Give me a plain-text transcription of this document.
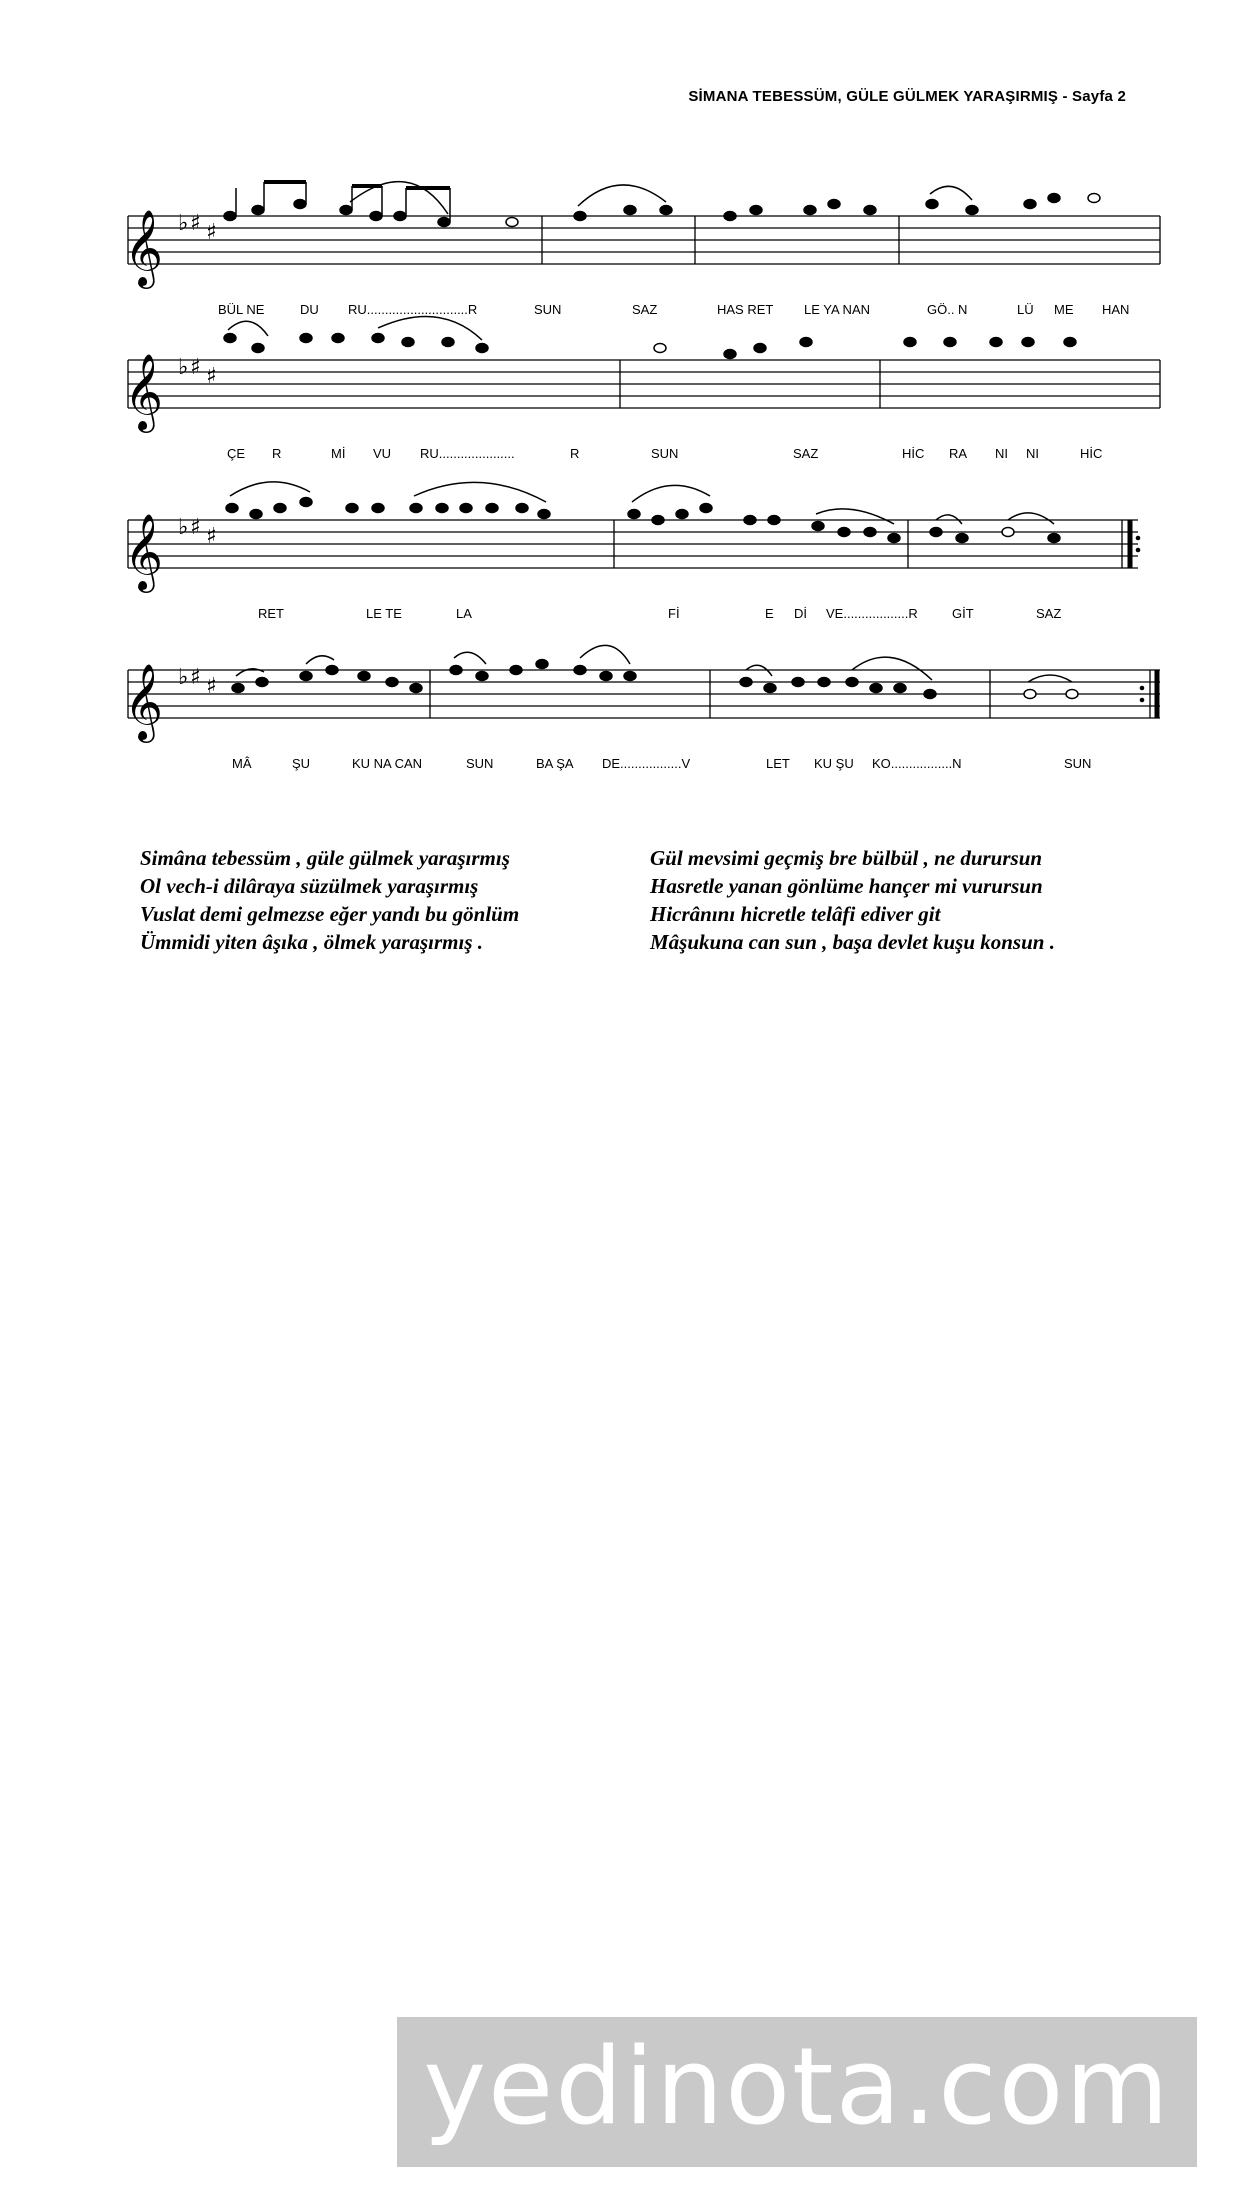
SİMANA TEBESSÜM, GÜLE GÜLMEK YARAŞIRMIŞ - Sayfa 2
𝄞 ♭ ♯ ♯
BÜL NE	DU RU............................R	SUN	SAZ	HAS RET LE YA NAN	GÖ.. N	LÜ ME HAN
𝄞 ♭ ♯ ♯
ÇE R	Mİ VU RU.....................	R	SUN	SAZ	HİC RA NI NI	HİC
𝄞 ♭ ♯ ♯
RET	LE TE	LA	Fİ	E Dİ VE..................R	GİT	SAZ
𝄞 ♭ ♯ ♯
MÂ	ŞU	KU NA CAN	SUN	BA ŞA DE.................V	LET KU ŞU KO.................N	SUN
Simâna tebessüm , güle gülmek yaraşırmış
Ol vech-i dilâraya süzülmek yaraşırmış
Vuslat demi gelmezse eğer yandı bu gönlüm
Ümmidi yiten âşıka , ölmek yaraşırmış .
Gül mevsimi geçmiş bre bülbül , ne durursun
Hasretle yanan gönlüme hançer mi vurursun
Hicrânını hicretle telâfi ediver git
Mâşukuna can sun , başa devlet kuşu konsun .
yedinota.com
